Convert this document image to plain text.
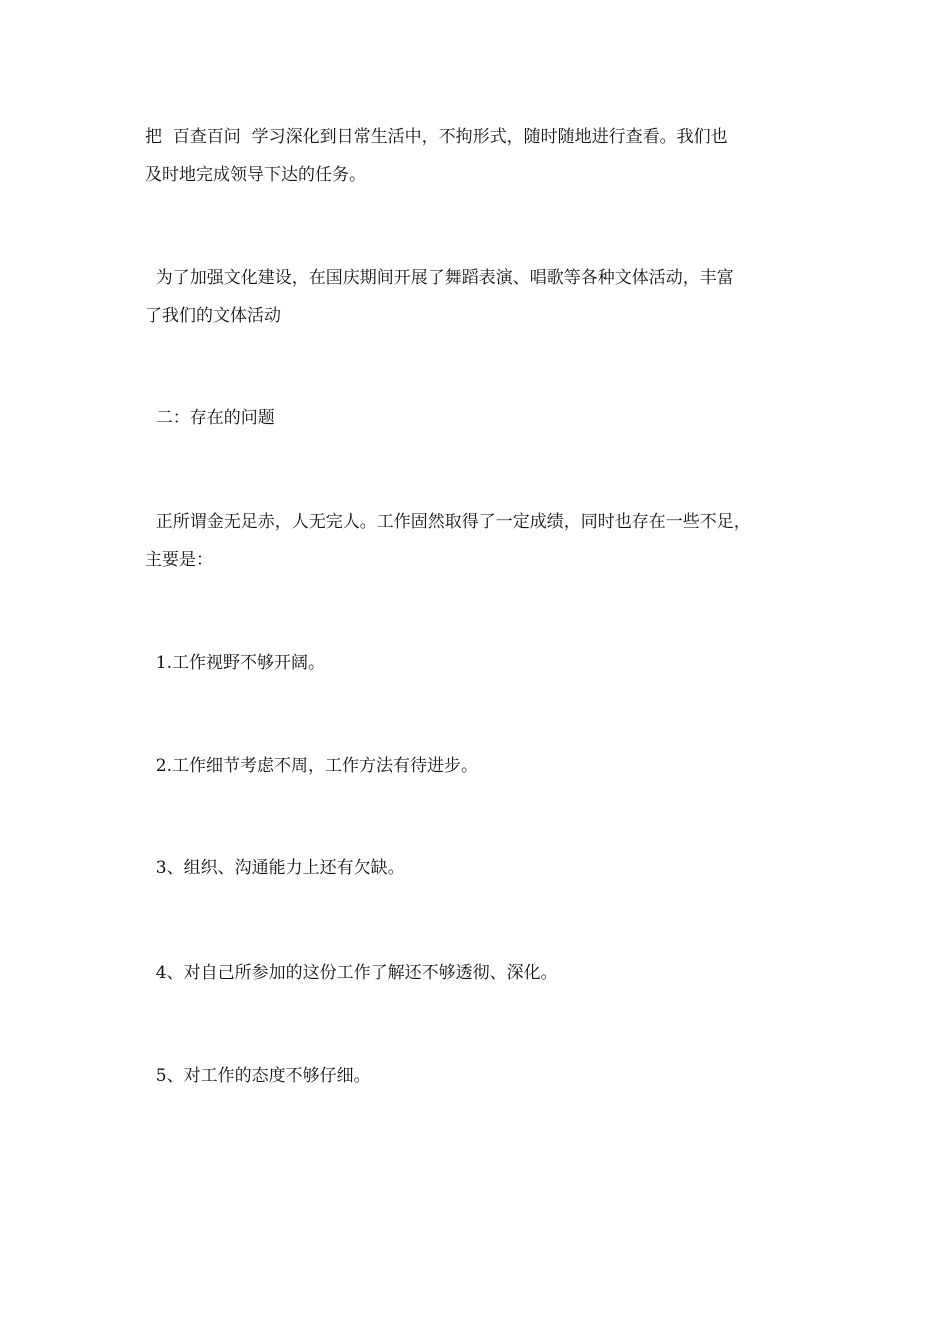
把  百查百问  学习深化到日常生活中，不拘形式，随时随地进行查看。我们也

及时地完成领导下达的任务。

为了加强文化建设，在国庆期间开展了舞蹈表演、唱歌等各种文体活动，丰富

了我们的文体活动

二：存在的问题

正所谓金无足赤，人无完人。工作固然取得了一定成绩，同时也存在一些不足，

主要是：

1.工作视野不够开阔。

2.工作细节考虑不周，工作方法有待进步。

3、组织、沟通能力上还有欠缺。

4、对自己所参加的这份工作了解还不够透彻、深化。

5、对工作的态度不够仔细。
